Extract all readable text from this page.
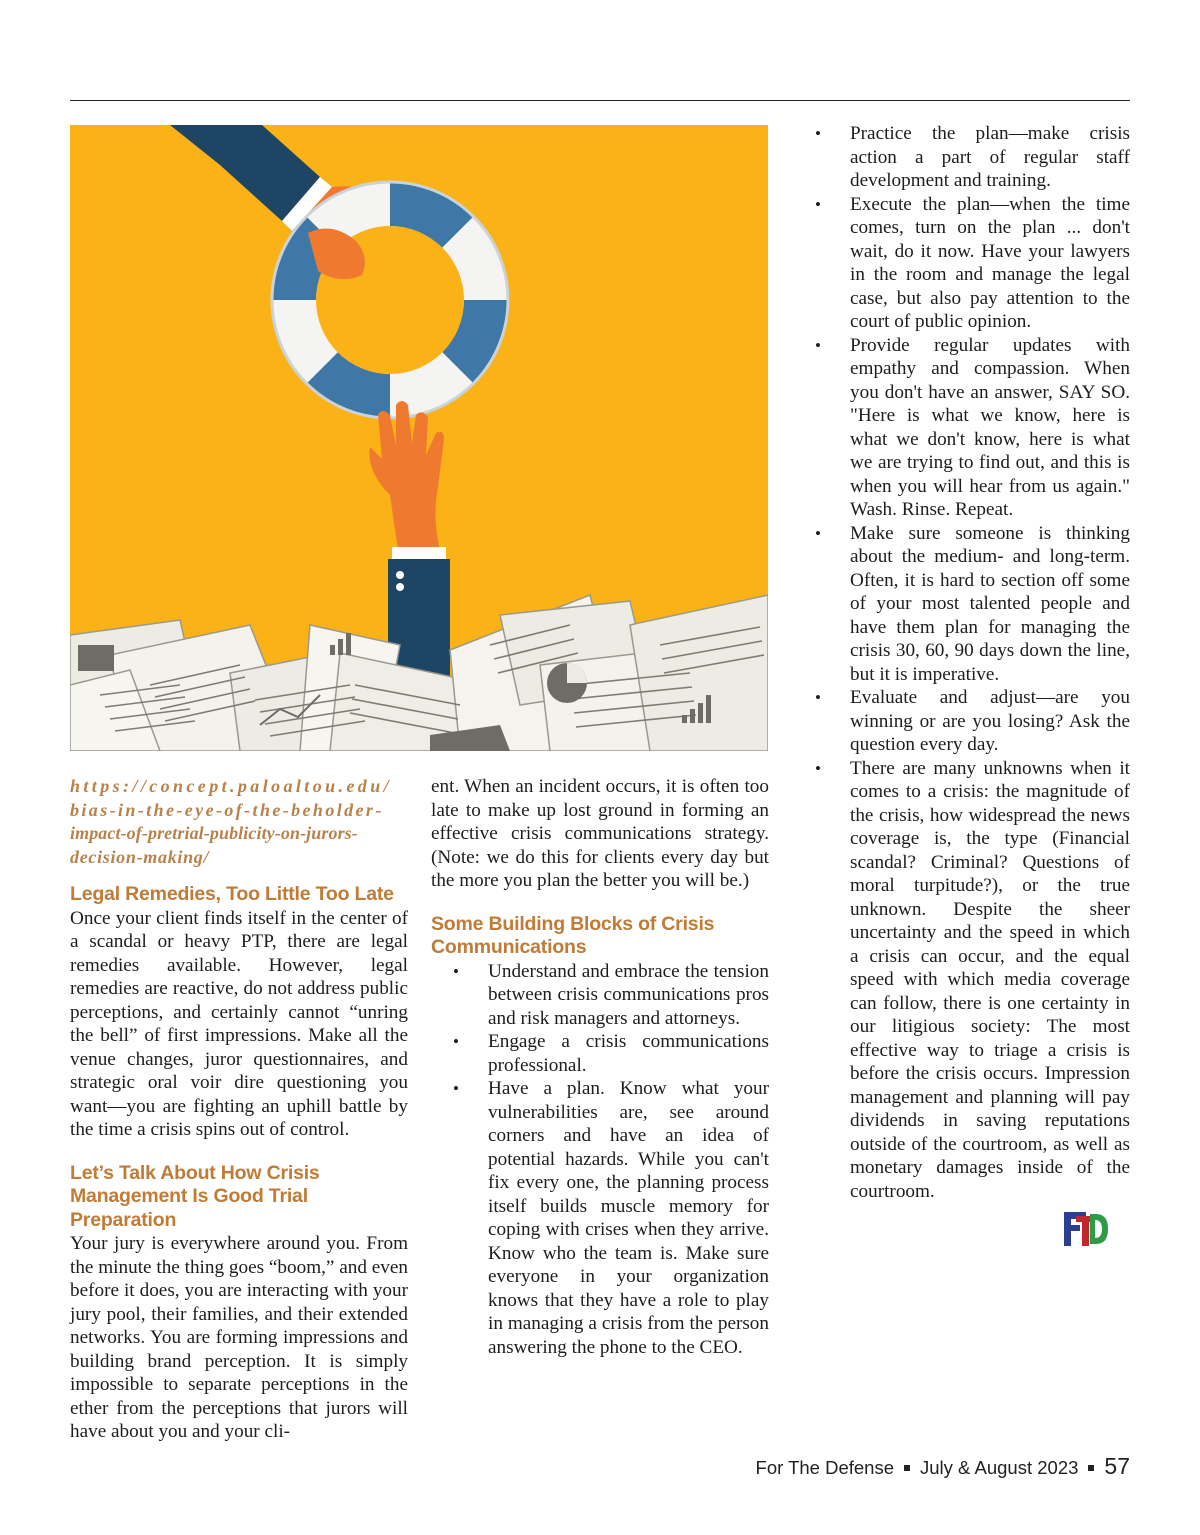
https://concept.paloaltou.edu/
bias-in-the-eye-of-the-beholder-
impact-of-pretrial-publicity-on-jurors-
decision-making/

Legal Remedies, Too Little Too Late

Once your client finds itself in the center of a scandal or heavy PTP, there are legal remedies available. However, legal remedies are reactive, do not address public perceptions, and certainly cannot “unring the bell” of first impressions. Make all the venue changes, juror questionnaires, and strategic oral voir dire questioning you want—you are fighting an uphill battle by the time a crisis spins out of control.

Let’s Talk About How Crisis
Management Is Good Trial Preparation

Your jury is everywhere around you. From the minute the thing goes “boom,” and even before it does, you are interacting with your jury pool, their families, and their extended networks. You are forming impressions and building brand perception. It is simply impossible to separate perceptions in the ether from the perceptions that jurors will have about you and your cli-

ent. When an incident occurs, it is often too late to make up lost ground in forming an effective crisis communications strategy. (Note: we do this for clients every day but the more you plan the better you will be.)

Some Building Blocks of Crisis
Communications

• Understand and embrace the tension between crisis communications pros and risk managers and attorneys.
• Engage a crisis communications professional.
• Have a plan. Know what your vulnerabilities are, see around corners and have an idea of potential hazards. While you can't fix every one, the planning process itself builds muscle memory for coping with crises when they arrive. Know who the team is. Make sure everyone in your organization knows that they have a role to play in managing a crisis from the person answering the phone to the CEO.
• Practice the plan—make crisis action a part of regular staff development and training.
• Execute the plan—when the time comes, turn on the plan ... don't wait, do it now. Have your lawyers in the room and manage the legal case, but also pay attention to the court of public opinion.
• Provide regular updates with empathy and compassion. When you don't have an answer, SAY SO. "Here is what we know, here is what we don't know, here is what we are trying to find out, and this is when you will hear from us again." Wash. Rinse. Repeat.
• Make sure someone is thinking about the medium- and long-term. Often, it is hard to section off some of your most talented people and have them plan for managing the crisis 30, 60, 90 days down the line, but it is imperative.
• Evaluate and adjust—are you winning or are you losing? Ask the question every day.
• There are many unknowns when it comes to a crisis: the magnitude of the crisis, how widespread the news coverage is, the type (Financial scandal? Criminal? Questions of moral turpitude?), or the true unknown. Despite the sheer uncertainty and the speed in which a crisis can occur, and the equal speed with which media coverage can follow, there is one certainty in our litigious society: The most effective way to triage a crisis is before the crisis occurs. Impression management and planning will pay dividends in saving reputations outside of the courtroom, as well as monetary damages inside of the courtroom.
For The Defense July & August 2023 57
